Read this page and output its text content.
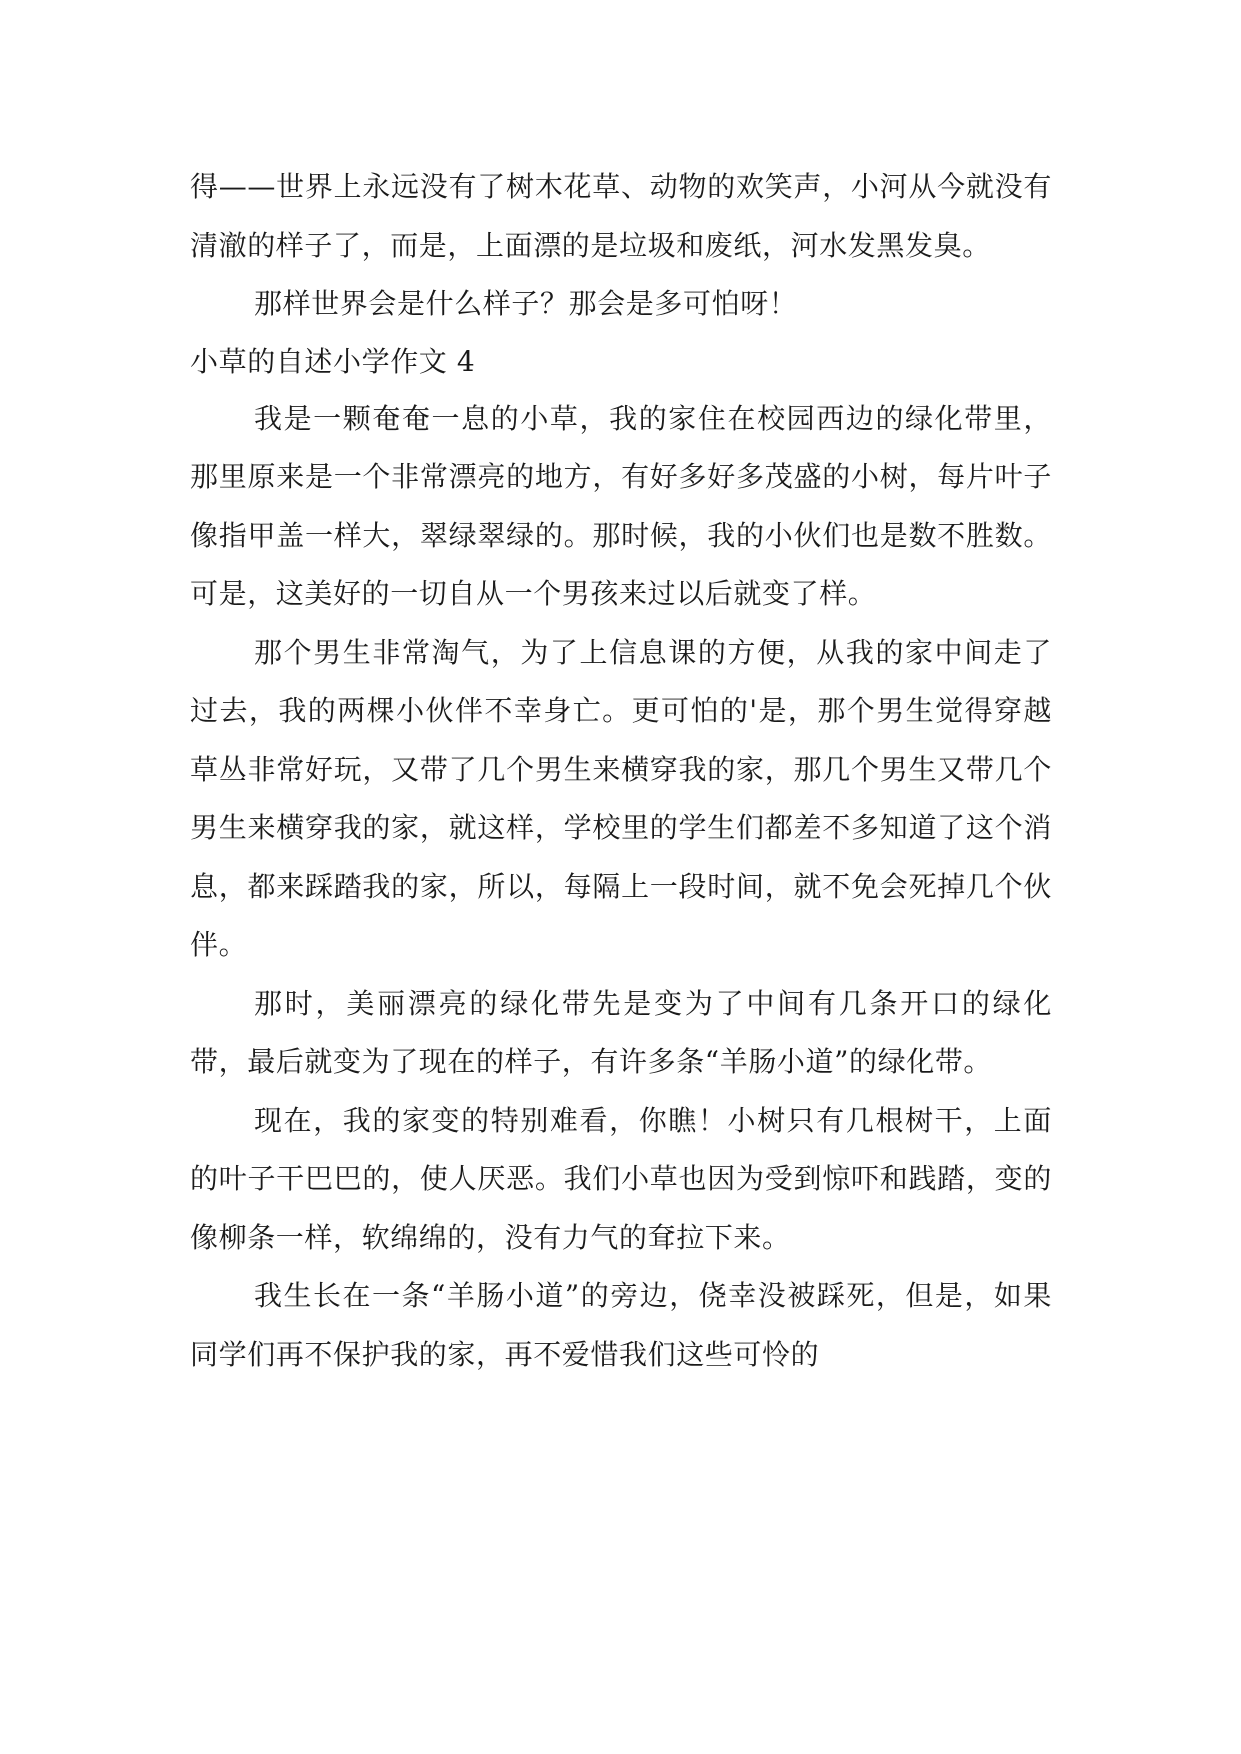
得——世界上永远没有了树木花草、动物的欢笑声，小河从今就没有清澈的样子了，而是，上面漂的是垃圾和废纸，河水发黑发臭。

那样世界会是什么样子？那会是多可怕呀！

小草的自述小学作文 4

我是一颗奄奄一息的小草，我的家住在校园西边的绿化带里，那里原来是一个非常漂亮的地方，有好多好多茂盛的小树，每片叶子像指甲盖一样大，翠绿翠绿的。那时候，我的小伙们也是数不胜数。可是，这美好的一切自从一个男孩来过以后就变了样。

那个男生非常淘气，为了上信息课的方便，从我的家中间走了过去，我的两棵小伙伴不幸身亡。更可怕的'是，那个男生觉得穿越草丛非常好玩，又带了几个男生来横穿我的家，那几个男生又带几个男生来横穿我的家，就这样，学校里的学生们都差不多知道了这个消息，都来踩踏我的家，所以，每隔上一段时间，就不免会死掉几个伙伴。

那时，美丽漂亮的绿化带先是变为了中间有几条开口的绿化带，最后就变为了现在的样子，有许多条“羊肠小道”的绿化带。

现在，我的家变的特别难看，你瞧！小树只有几根树干，上面的叶子干巴巴的，使人厌恶。我们小草也因为受到惊吓和践踏，变的像柳条一样，软绵绵的，没有力气的耷拉下来。

我生长在一条“羊肠小道”的旁边，侥幸没被踩死，但是，如果同学们再不保护我的家，再不爱惜我们这些可怜的
